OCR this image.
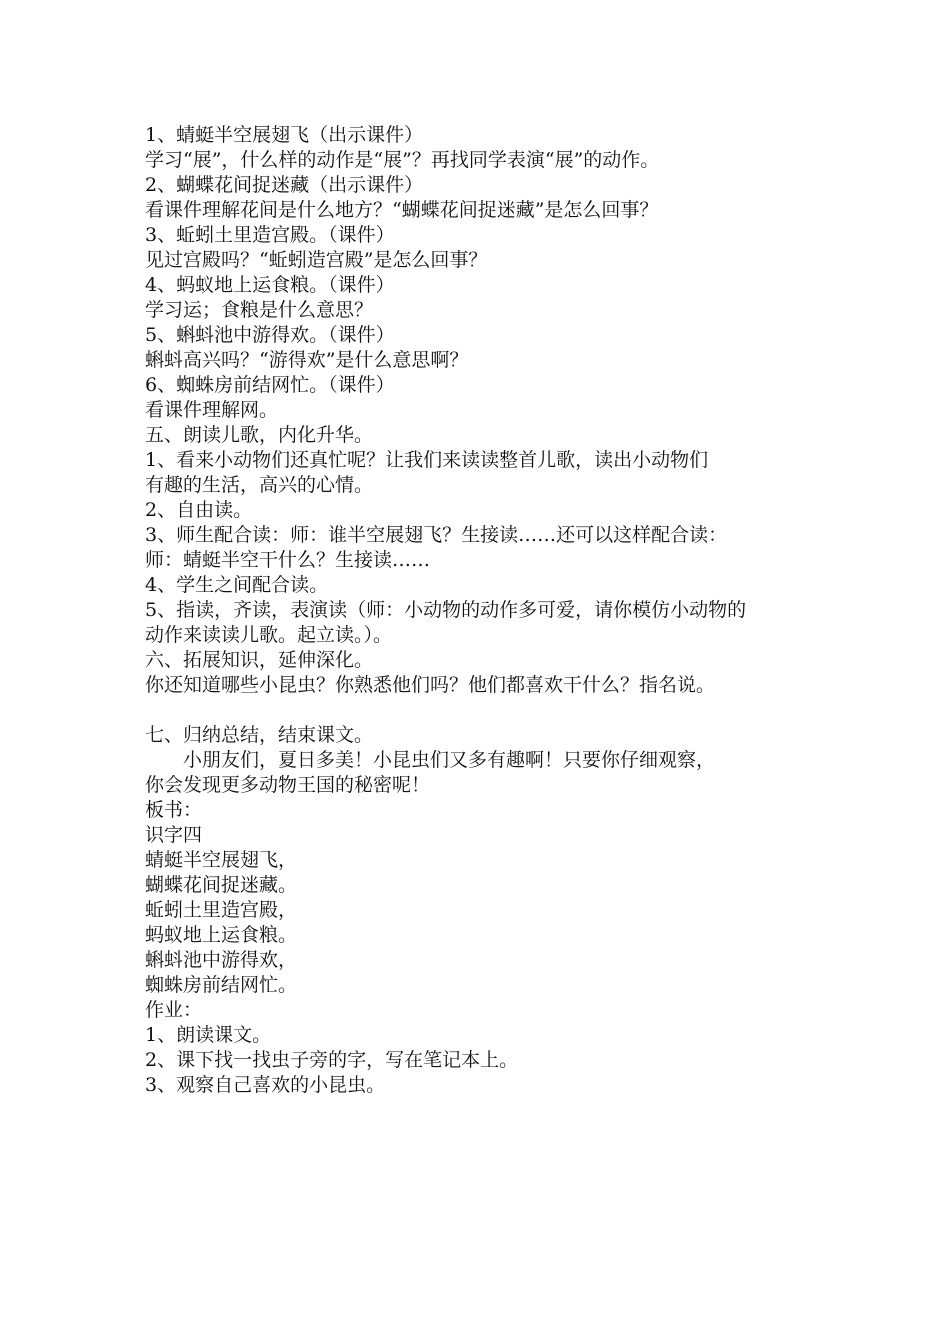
1、蜻蜓半空展翅飞（出示课件）
学习“展”，什么样的动作是“展”？再找同学表演“展”的动作。
2、蝴蝶花间捉迷藏（出示课件）
看课件理解花间是什么地方？“蝴蝶花间捉迷藏”是怎么回事？
3、蚯蚓土里造宫殿。（课件）
见过宫殿吗？“蚯蚓造宫殿”是怎么回事？
4、蚂蚁地上运食粮。（课件）
学习运；食粮是什么意思？
5、蝌蚪池中游得欢。（课件）
蝌蚪高兴吗？“游得欢”是什么意思啊？
6、蜘蛛房前结网忙。（课件）
看课件理解网。
五、朗读儿歌，内化升华。
1、看来小动物们还真忙呢？让我们来读读整首儿歌，读出小动物们
有趣的生活，高兴的心情。
2、自由读。
3、师生配合读：师：谁半空展翅飞？生接读……还可以这样配合读：
师：蜻蜓半空干什么？生接读……
4、学生之间配合读。
5、指读，齐读，表演读（师：小动物的动作多可爱，请你模仿小动物的
动作来读读儿歌。起立读。）。
六、拓展知识，延伸深化。
你还知道哪些小昆虫？你熟悉他们吗？他们都喜欢干什么？指名说。
七、归纳总结，结束课文。
小朋友们，夏日多美！小昆虫们又多有趣啊！只要你仔细观察，
你会发现更多动物王国的秘密呢！
板书：
识字四
蜻蜓半空展翅飞，
蝴蝶花间捉迷藏。
蚯蚓土里造宫殿，
蚂蚁地上运食粮。
蝌蚪池中游得欢，
蜘蛛房前结网忙。
作业：
1、朗读课文。
2、课下找一找虫子旁的字，写在笔记本上。
3、观察自己喜欢的小昆虫。
